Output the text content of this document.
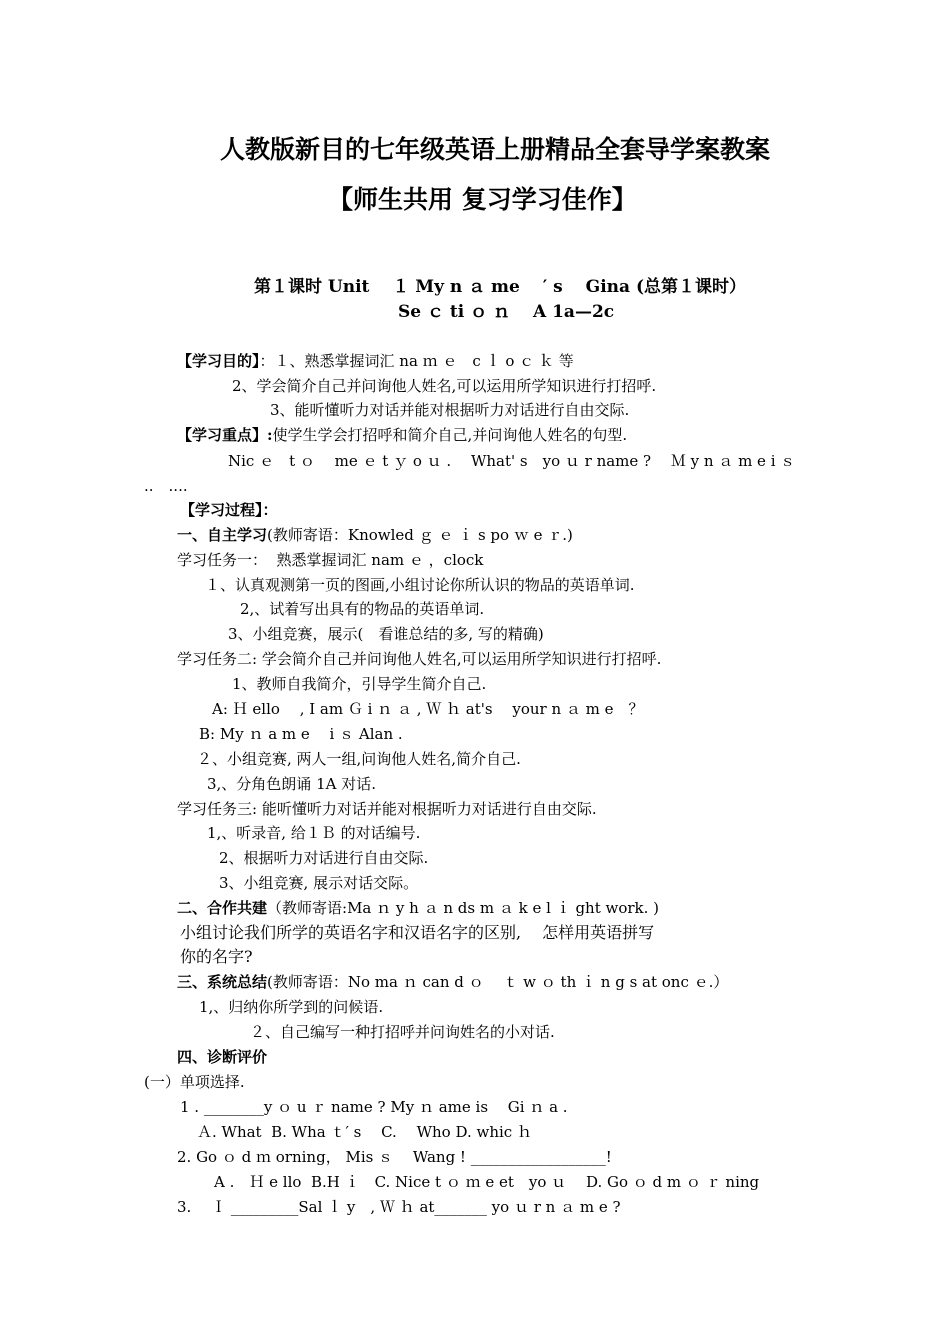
人教版新目的七年级英语上册精品全套导学案教案
【师生共用 复习学习佳作】
第１课时 Unit　 １ My n ａ me　 ′ s　 Gina (总第１课时）
Se ｃ ti ｏ ｎ　 A 1a—2c
【学习目的】：１、熟悉掌握词汇 na ｍ ｅ　c ｌ o ｃ ｋ 等
2、学会简介自己并问询他人姓名,可以运用所学知识进行打招呼.
3、能听懂听力对话并能对根据听力对话进行自由交际.
【学习重点】:使学生学会打招呼和简介自己,并问询他人姓名的句型.
Nic ｅ　t ｏ　 me ｅ t ｙ o ｕ .　 What' s　yo ｕ r name ?　 Ｍ y n ａ m e i ｓ
..　....
【学习过程】：
一、自主学习(教师寄语：Knowled ｇ ｅ ｉ s po ｗ e ｒ.)
学习任务一：  熟悉掌握词汇 nam ｅ ，clock
１、认真观测第一页的图画,小组讨论你所认识的物品的英语单词.
2,、试着写出具有的物品的英语单词.
3、小组竞赛，展示(　看谁总结的多, 写的精确)
学习任务二: 学会简介自己并问询他人姓名,可以运用所学知识进行打招呼.
1、教师自我简介，引导学生简介自己.
A: Ｈ ello　 , I am Ｇ i ｎ ａ , Ｗ ｈ at's　 your n ａ m e　？
B: My ｎ a m e　 i ｓ Alan .
２、小组竞赛, 两人一组,问询他人姓名,简介自己.
3,、分角色朗诵 1A 对话.
学习任务三: 能听懂听力对话并能对根据听力对话进行自由交际.
1,、听录音, 给１Ｂ 的对话编号.
2、根据听力对话进行自由交际.
3、小组竞赛, 展示对话交际。
二、合作共建（教师寄语:Ma ｎ y h ａ n ds m ａ k e l ｉ ght work. )
小组讨论我们所学的英语名字和汉语名字的区别,　 怎样用英语拼写
你的名字?
三、系统总结(教师寄语：No ma ｎ can d ｏ　 ｔ w ｏ th ｉ n g s at onc ｅ.）
1,、归纳你所学到的问候语.
２、自己编写一种打招呼并问询姓名的小对话.
四、诊断评价
(一）单项选择.
1 . ________y ｏ u ｒ name ? My ｎ ame is　 Gi ｎ a .
Ａ. What  B. Wha ｔ′ s　 C.　 Who D. whic ｈ
2. Go ｏ d ｍ orning， Mis ｓ　 Wang ! __________________!
A .　Ｈ e llo  B.H ｉ　C. Nice t ｏ ｍ e et　yo ｕ　 D. Go ｏ d m ｏ ｒ ning
3.　 Ｉ _________Sal ｌ y　, Ｗ ｈ at_______ yo ｕ r n ａ m e ?
